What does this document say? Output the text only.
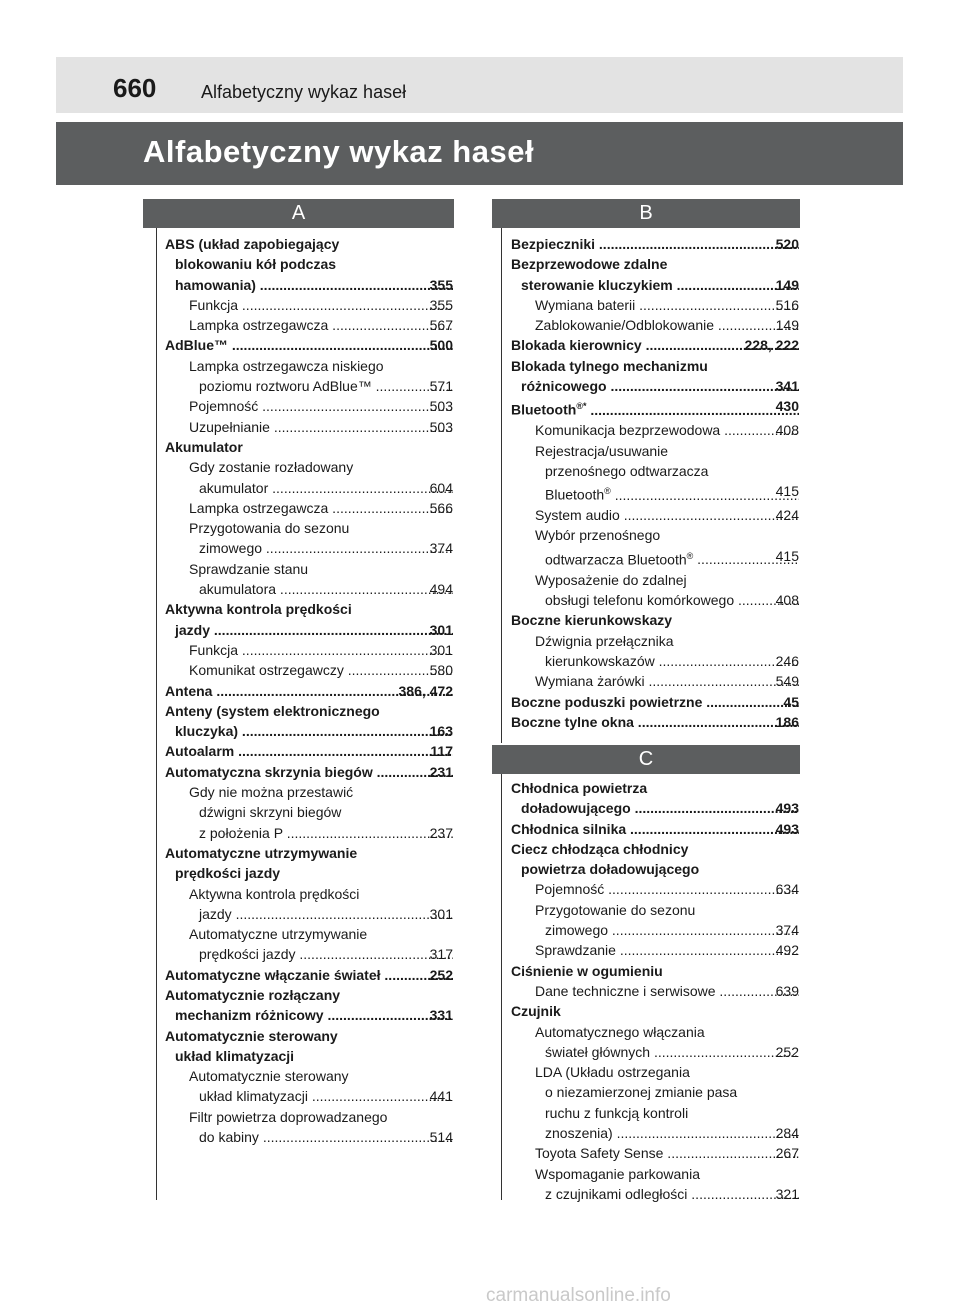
660 Alfabetyczny wykaz haseł
Alfabetyczny wykaz haseł
A
ABS (układ zapobiegający
blokowaniu kół podczas
355
hamowania) .....
355
Funkcja .....
567
Lampka ostrzegawcza .....
500
AdBlue™ .....
Lampka ostrzegawcza niskiego
571
poziomu roztworu AdBlue™ .....
503
Pojemność .....
503
Uzupełnianie .....
Akumulator
Gdy zostanie rozładowany
604
akumulator .....
566
Lampka ostrzegawcza .....
Przygotowania do sezonu
374
zimowego .....
Sprawdzanie stanu
494
akumulatora .....
Aktywna kontrola prędkości
301
jazdy .....
301
Funkcja .....
580
Komunikat ostrzegawczy .....
386, 472
Antena .....
Anteny (system elektronicznego
163
kluczyka) .....
117
Autoalarm .....
231
Automatyczna skrzynia biegów .....
Gdy nie można przestawić
dźwigni skrzyni biegów
237
z położenia P .....
Automatyczne utrzymywanie
prędkości jazdy
Aktywna kontrola prędkości
301
jazdy .....
Automatyczne utrzymywanie
317
prędkości jazdy .....
252
Automatyczne włączanie świateł .....
Automatycznie rozłączany
331
mechanizm różnicowy .....
Automatycznie sterowany
układ klimatyzacji
Automatycznie sterowany
441
układ klimatyzacji .....
Filtr powietrza doprowadzanego
514
do kabiny .....
B
520
Bezpieczniki .....
Bezprzewodowe zdalne
149
sterowanie kluczykiem .....
516
Wymiana baterii .....
149
Zablokowanie/Odblokowanie .....
228, 222
Blokada kierownicy .....
Blokada tylnego mechanizmu
341
różnicowego .....
430
Bluetooth®* .....
408
Komunikacja bezprzewodowa .....
Rejestracja/usuwanie
przenośnego odtwarzacza
415
Bluetooth® .....
424
System audio .....
Wybór przenośnego
415
odtwarzacza Bluetooth® .....
Wyposażenie do zdalnej
408
obsługi telefonu komórkowego .....
Boczne kierunkowskazy
Dźwignia przełącznika
246
kierunkowskazów .....
549
Wymiana żarówki .....
45
Boczne poduszki powietrzne .....
186
Boczne tylne okna .....
C
Chłodnica powietrza
493
doładowującego .....
493
Chłodnica silnika .....
Ciecz chłodząca chłodnicy
powietrza doładowującego
634
Pojemność .....
Przygotowanie do sezonu
374
zimowego .....
492
Sprawdzanie .....
Ciśnienie w ogumieniu
639
Dane techniczne i serwisowe .....
Czujnik
Automatycznego włączania
252
świateł głównych .....
LDA (Układu ostrzegania
o niezamierzonej zmianie pasa
ruchu z funkcją kontroli
284
znoszenia) .....
267
Toyota Safety Sense .....
Wspomaganie parkowania
321
z czujnikami odległości .....
carmanualsonline.info
